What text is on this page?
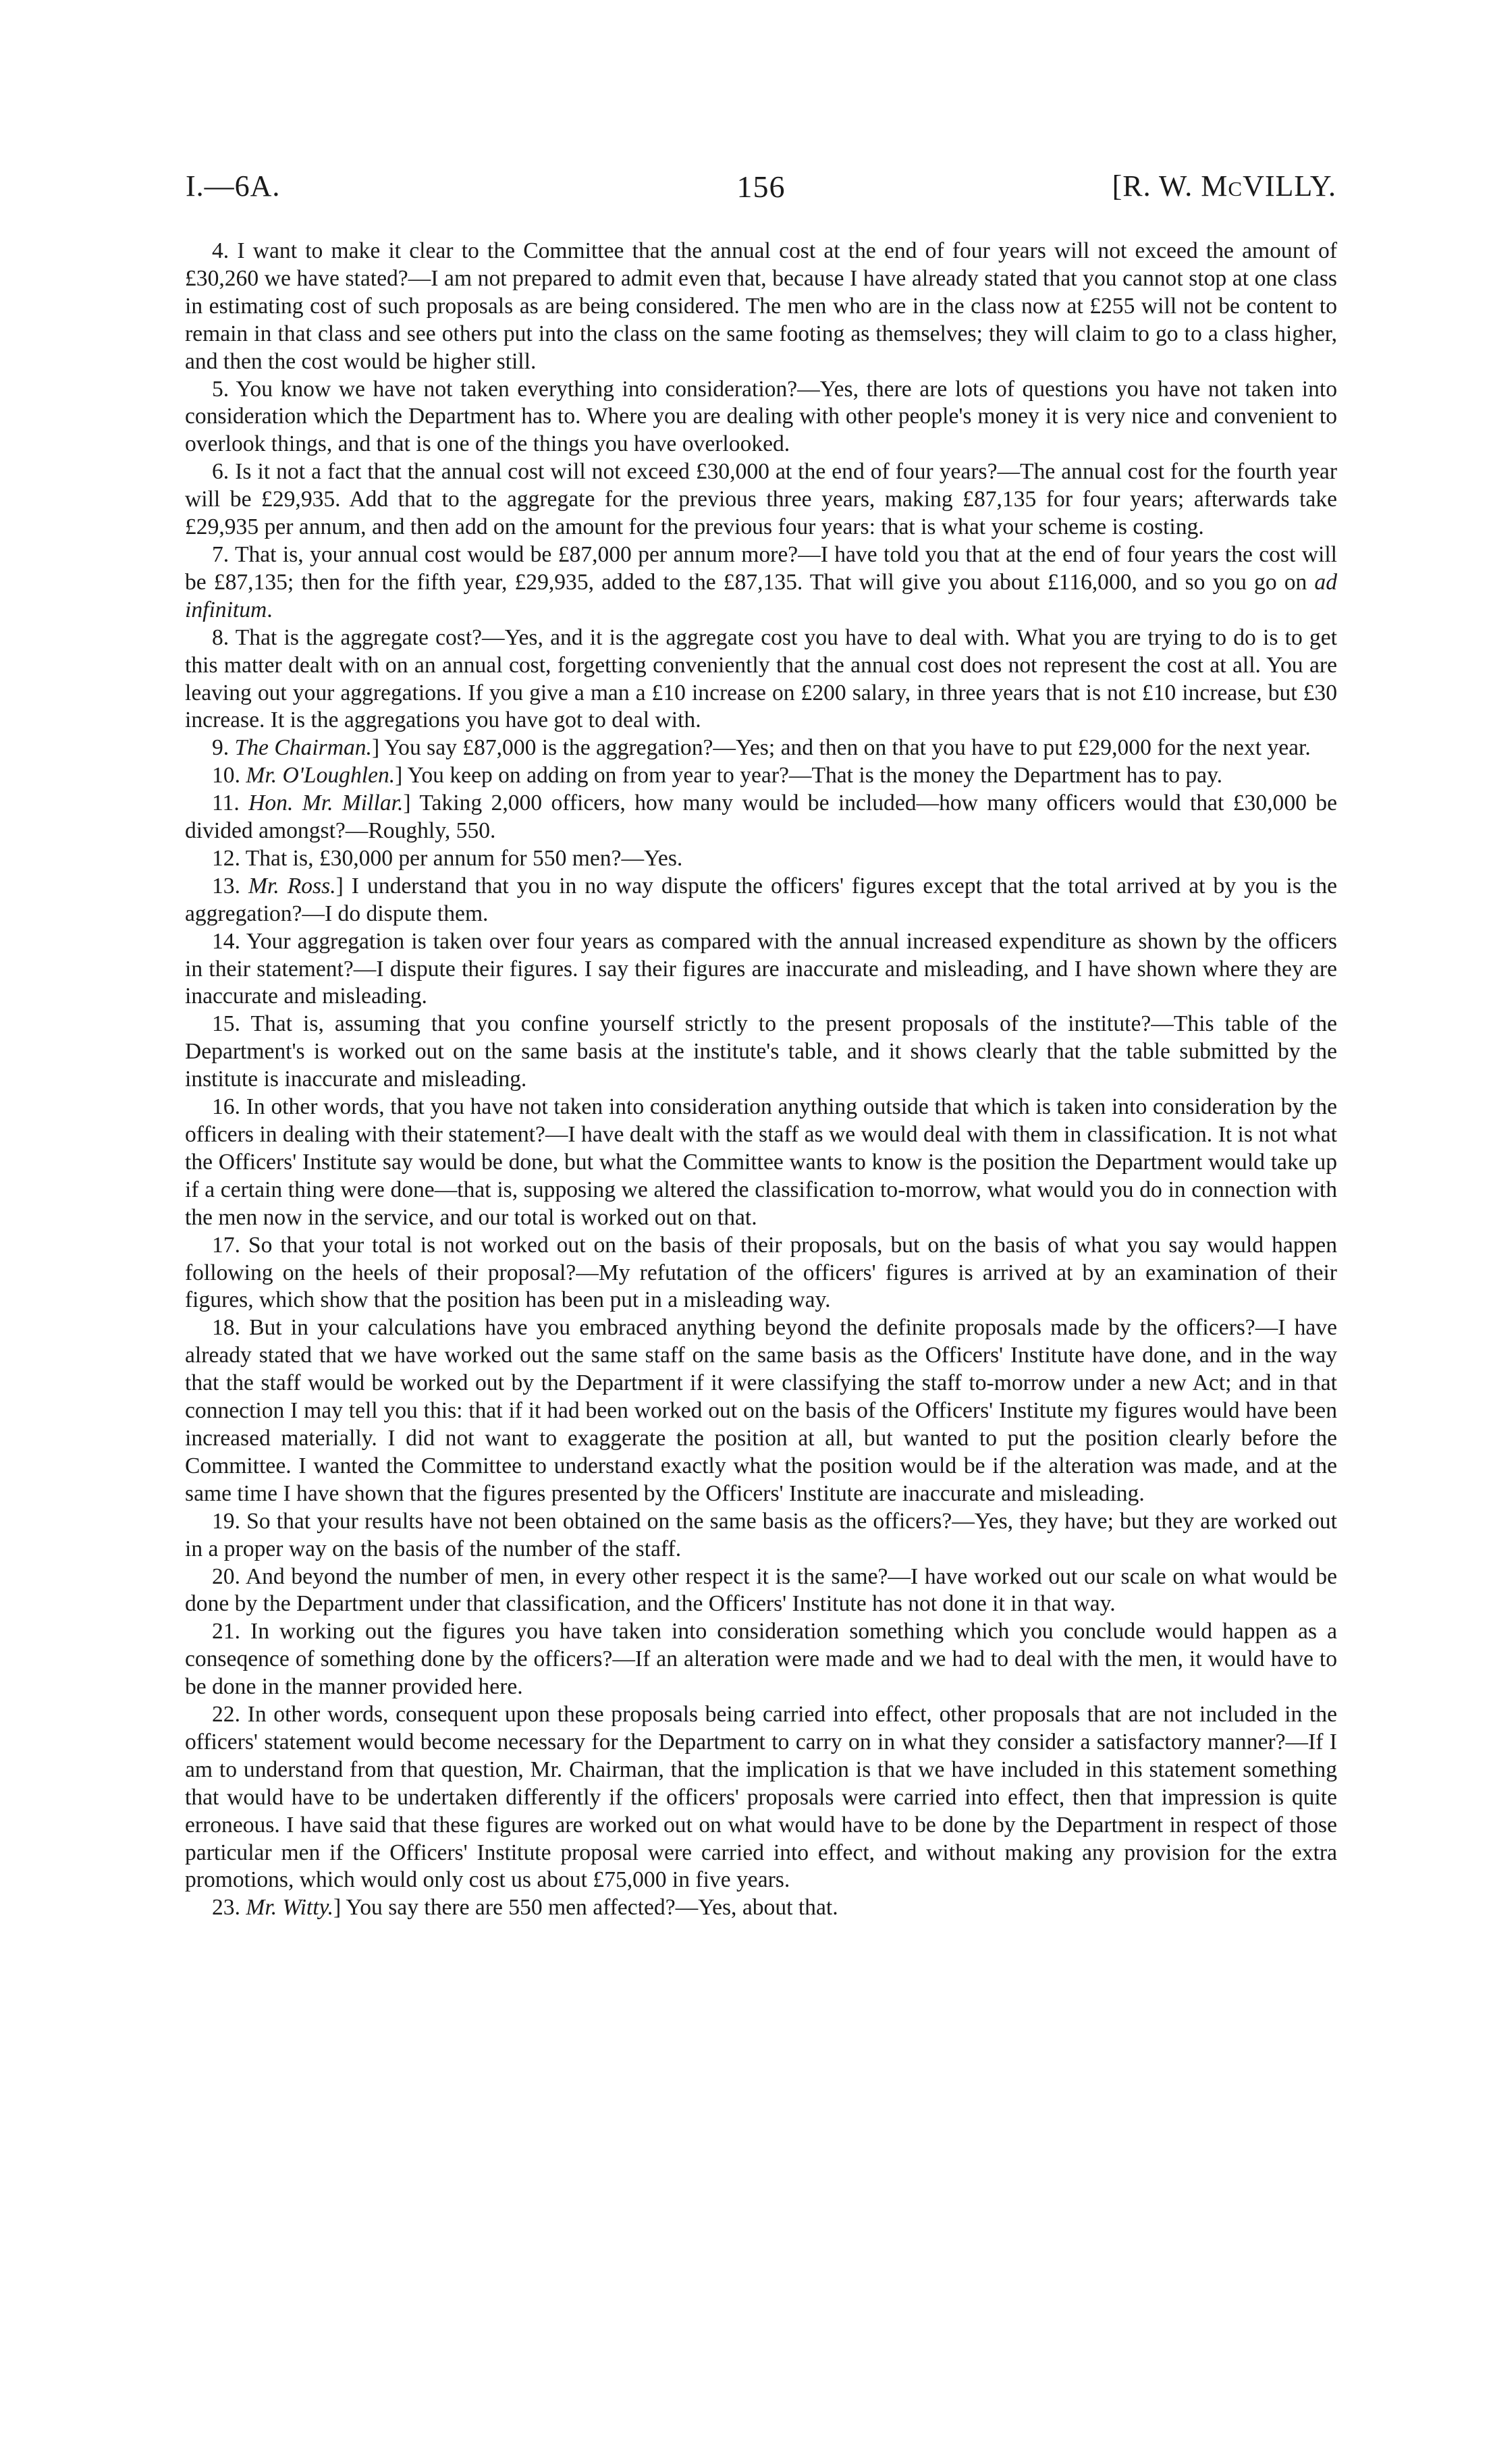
I.—6A.	156	[R. W. McVILLY.

4. I want to make it clear to the Committee that the annual cost at the end of four years will not exceed the amount of £30,260 we have stated?—I am not prepared to admit even that, because I have already stated that you cannot stop at one class in estimating cost of such proposals as are being considered. The men who are in the class now at £255 will not be content to remain in that class and see others put into the class on the same footing as themselves; they will claim to go to a class higher, and then the cost would be higher still.

5. You know we have not taken everything into consideration?—Yes, there are lots of questions you have not taken into consideration which the Department has to. Where you are dealing with other people's money it is very nice and convenient to overlook things, and that is one of the things you have overlooked.

6. Is it not a fact that the annual cost will not exceed £30,000 at the end of four years?—The annual cost for the fourth year will be £29,935. Add that to the aggregate for the previous three years, making £87,135 for four years; afterwards take £29,935 per annum, and then add on the amount for the previous four years: that is what your scheme is costing.

7. That is, your annual cost would be £87,000 per annum more?—I have told you that at the end of four years the cost will be £87,135; then for the fifth year, £29,935, added to the £87,135. That will give you about £116,000, and so you go on ad infinitum.

8. That is the aggregate cost?—Yes, and it is the aggregate cost you have to deal with. What you are trying to do is to get this matter dealt with on an annual cost, forgetting conveniently that the annual cost does not represent the cost at all. You are leaving out your aggregations. If you give a man a £10 increase on £200 salary, in three years that is not £10 increase, but £30 increase. It is the aggregations you have got to deal with.

9. The Chairman.] You say £87,000 is the aggregation?—Yes; and then on that you have to put £29,000 for the next year.

10. Mr. O'Loughlen.] You keep on adding on from year to year?—That is the money the Department has to pay.

11. Hon. Mr. Millar.] Taking 2,000 officers, how many would be included—how many officers would that £30,000 be divided amongst?—Roughly, 550.

12. That is, £30,000 per annum for 550 men?—Yes.

13. Mr. Ross.] I understand that you in no way dispute the officers' figures except that the total arrived at by you is the aggregation?—I do dispute them.

14. Your aggregation is taken over four years as compared with the annual increased expenditure as shown by the officers in their statement?—I dispute their figures. I say their figures are inaccurate and misleading, and I have shown where they are inaccurate and misleading.

15. That is, assuming that you confine yourself strictly to the present proposals of the institute?—This table of the Department's is worked out on the same basis at the institute's table, and it shows clearly that the table submitted by the institute is inaccurate and misleading.

16. In other words, that you have not taken into consideration anything outside that which is taken into consideration by the officers in dealing with their statement?—I have dealt with the staff as we would deal with them in classification. It is not what the Officers' Institute say would be done, but what the Committee wants to know is the position the Department would take up if a certain thing were done—that is, supposing we altered the classification to-morrow, what would you do in connection with the men now in the service, and our total is worked out on that.

17. So that your total is not worked out on the basis of their proposals, but on the basis of what you say would happen following on the heels of their proposal?—My refutation of the officers' figures is arrived at by an examination of their figures, which show that the position has been put in a misleading way.

18. But in your calculations have you embraced anything beyond the definite proposals made by the officers?—I have already stated that we have worked out the same staff on the same basis as the Officers' Institute have done, and in the way that the staff would be worked out by the Department if it were classifying the staff to-morrow under a new Act; and in that connection I may tell you this: that if it had been worked out on the basis of the Officers' Institute my figures would have been increased materially. I did not want to exaggerate the position at all, but wanted to put the position clearly before the Committee. I wanted the Committee to understand exactly what the position would be if the alteration was made, and at the same time I have shown that the figures presented by the Officers' Institute are inaccurate and misleading.

19. So that your results have not been obtained on the same basis as the officers?—Yes, they have; but they are worked out in a proper way on the basis of the number of the staff.

20. And beyond the number of men, in every other respect it is the same?—I have worked out our scale on what would be done by the Department under that classification, and the Officers' Institute has not done it in that way.

21. In working out the figures you have taken into consideration something which you conclude would happen as a conseqence of something done by the officers?—If an alteration were made and we had to deal with the men, it would have to be done in the manner provided here.

22. In other words, consequent upon these proposals being carried into effect, other proposals that are not included in the officers' statement would become necessary for the Department to carry on in what they consider a satisfactory manner?—If I am to understand from that question, Mr. Chairman, that the implication is that we have included in this statement something that would have to be undertaken differently if the officers' proposals were carried into effect, then that impression is quite erroneous. I have said that these figures are worked out on what would have to be done by the Department in respect of those particular men if the Officers' Institute proposal were carried into effect, and without making any provision for the extra promotions, which would only cost us about £75,000 in five years.

23. Mr. Witty.] You say there are 550 men affected?—Yes, about that.
